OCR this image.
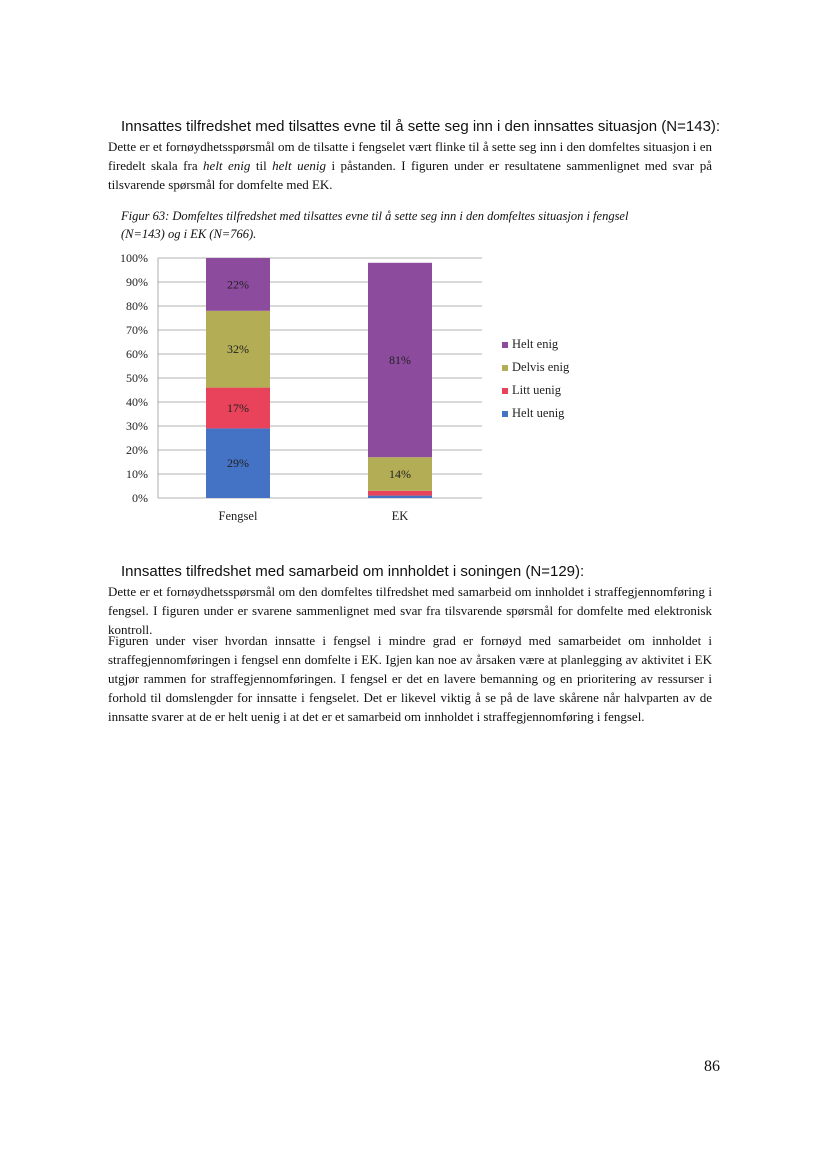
Innsattes tilfredshet med tilsattes evne til å sette seg inn i den innsattes situasjon (N=143):

Dette er et fornøydhetsspørsmål om de tilsatte i fengselet vært flinke til å sette seg inn i den domfeltes situasjon i en firedelt skala fra helt enig til helt uenig i påstanden. I figuren under er resultatene sammenlignet med svar på tilsvarende spørsmål for domfelte med EK.

Figur 63: Domfeltes tilfredshet med tilsattes evne til å sette seg inn i den domfeltes situasjon i fengsel
(N=143) og i EK (N=766).
0%
10%
20%
30%
40%
50%
60%
70%
80%
90%
100%
29%
17%
32%
22%
Fengsel
14%
81%
EK
Helt enig
Delvis enig
Litt uenig
Helt uenig
Innsattes tilfredshet med samarbeid om innholdet i soningen (N=129):

Dette er et fornøydhetsspørsmål om den domfeltes tilfredshet med samarbeid om innholdet i straffegjennomføring i fengsel. I figuren under er svarene sammenlignet med svar fra tilsvarende spørsmål for domfelte med elektronisk kontroll.

Figuren under viser hvordan innsatte i fengsel i mindre grad er fornøyd med samarbeidet om innholdet i straffegjennomføringen i fengsel enn domfelte i EK. Igjen kan noe av årsaken være at planlegging av aktivitet i EK utgjør rammen for straffegjennomføringen. I fengsel er det en lavere bemanning og en prioritering av ressurser i forhold til domslengder for innsatte i fengselet. Det er likevel viktig å se på de lave skårene når halvparten av de innsatte svarer at de er helt uenig i at det er et samarbeid om innholdet i straffegjennomføring i fengsel.

86
